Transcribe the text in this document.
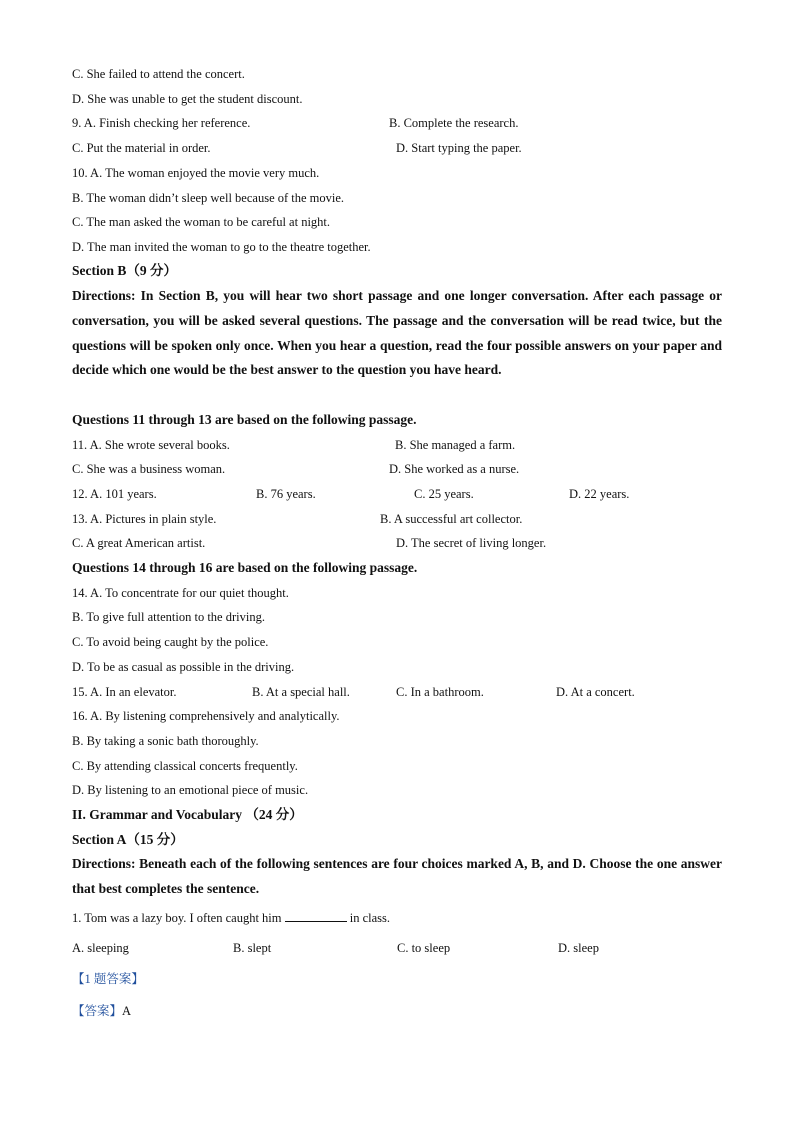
C. She failed to attend the concert.
D. She was unable to get the student discount.
9. A. Finish checking her reference.	B. Complete the research.
C. Put the material in order.	D. Start typing the paper.
10. A. The woman enjoyed the movie very much.
B. The woman didn’t sleep well because of the movie.
C. The man asked the woman to be careful at night.
D. The man invited the woman to go to the theatre together.
Section B（9 分）
Directions: In Section B, you will hear two short passage and one longer conversation. After each passage or conversation, you will be asked several questions. The passage and the conversation will be read twice, but the questions will be spoken only once. When you hear a question, read the four possible answers on your paper and decide which one would be the best answer to the question you have heard.
Questions 11 through 13 are based on the following passage.
11. A. She wrote several books.	B. She managed a farm.
C. She was a business woman.	D. She worked as a nurse.
12. A. 101 years.	B. 76 years.	C. 25 years.	D. 22 years.
13. A. Pictures in plain style.	B. A successful art collector.
C. A great American artist.	D. The secret of living longer.
Questions 14 through 16 are based on the following passage.
14. A. To concentrate for our quiet thought.
B. To give full attention to the driving.
C. To avoid being caught by the police.
D. To be as casual as possible in the driving.
15. A. In an elevator.	B. At a special hall.	C. In a bathroom.	D. At a concert.
16. A. By listening comprehensively and analytically.
B. By taking a sonic bath thoroughly.
C. By attending classical concerts frequently.
D. By listening to an emotional piece of music.
II. Grammar and Vocabulary （24 分）
Section A（15 分）
Directions: Beneath each of the following sentences are four choices marked A, B, and D. Choose the one answer that best completes the sentence.
1. Tom was a lazy boy. I often caught him	in class.
A. sleeping	B. slept	C. to sleep	D. sleep
【1 题答案】
【答案】A
